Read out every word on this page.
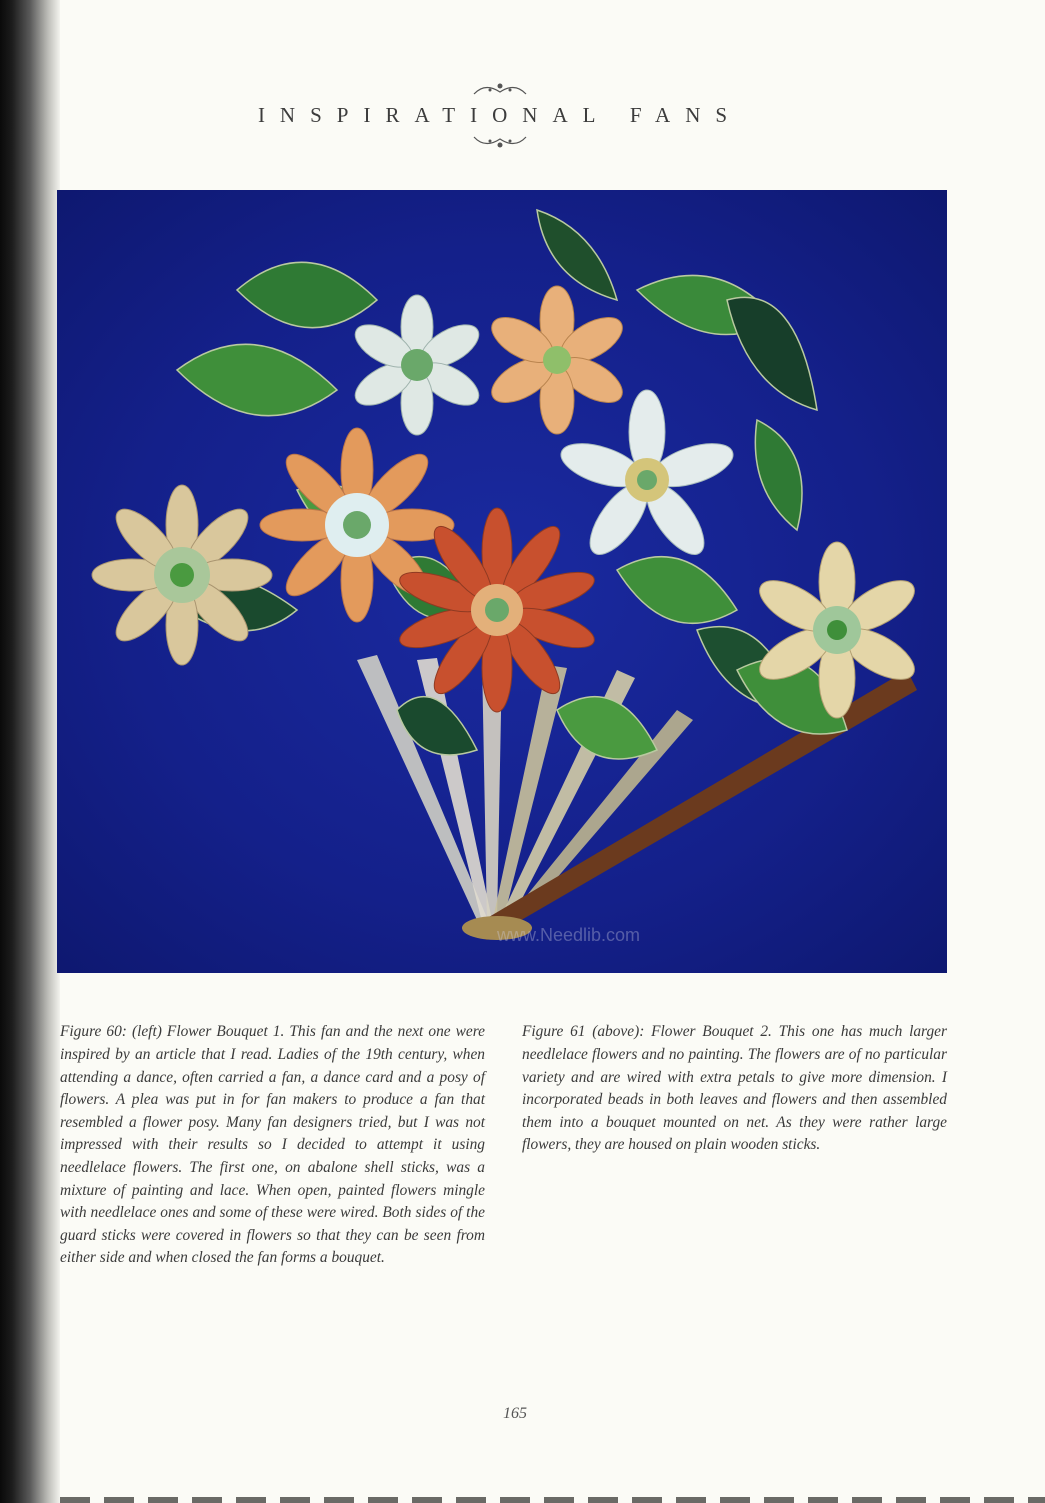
INSPIRATIONAL FANS
www.Needlib.com

Figure 60: (left) Flower Bouquet 1. This fan and the next one were inspired by an article that I read. Ladies of the 19th century, when attending a dance, often carried a fan, a dance card and a posy of flowers. A plea was put in for fan makers to produce a fan that resembled a flower posy. Many fan designers tried, but I was not impressed with their results so I decided to attempt it using needlelace flowers. The first one, on abalone shell sticks, was a mixture of painting and lace. When open, painted flowers mingle with needlelace ones and some of these were wired. Both sides of the guard sticks were covered in flowers so that they can be seen from either side and when closed the fan forms a bouquet.

Figure 61 (above): Flower Bouquet 2. This one has much larger needlelace flowers and no painting. The flowers are of no particular variety and are wired with extra petals to give more dimension. I incorporated beads in both leaves and flowers and then assembled them into a bouquet mounted on net. As they were rather large flowers, they are housed on plain wooden sticks.

165
